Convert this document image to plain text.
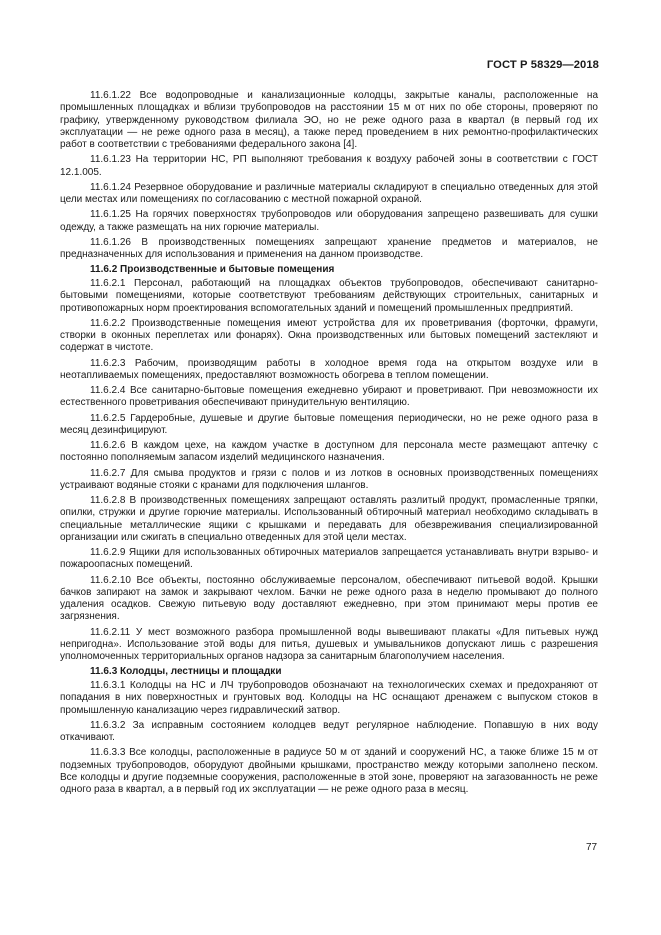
ГОСТ Р 58329—2018

11.6.1.22 Все водопроводные и канализационные колодцы, закрытые каналы, расположенные на промышленных площадках и вблизи трубопроводов на расстоянии 15 м от них по обе стороны, проверяют по графику, утвержденному руководством филиала ЭО, но не реже одного раза в квартал (в первый год их эксплуатации — не реже одного раза в месяц), а также перед проведением в них ремонтно-профилактических работ в соответствии с требованиями федерального закона [4].

11.6.1.23 На территории НС, РП выполняют требования к воздуху рабочей зоны в соответствии с ГОСТ 12.1.005.

11.6.1.24 Резервное оборудование и различные материалы складируют в специально отведенных для этой цели местах или помещениях по согласованию с местной пожарной охраной.

11.6.1.25 На горячих поверхностях трубопроводов или оборудования запрещено развешивать для сушки одежду, а также размещать на них горючие материалы.

11.6.1.26 В производственных помещениях запрещают хранение предметов и материалов, не предназначенных для использования и применения на данном производстве.

11.6.2 Производственные и бытовые помещения

11.6.2.1 Персонал, работающий на площадках объектов трубопроводов, обеспечивают санитарно-бытовыми помещениями, которые соответствуют требованиям действующих строительных, санитарных и противопожарных норм проектирования вспомогательных зданий и помещений промышленных предприятий.

11.6.2.2 Производственные помещения имеют устройства для их проветривания (форточки, фрамуги, створки в оконных переплетах или фонарях). Окна производственных или бытовых помещений застекляют и содержат в чистоте.

11.6.2.3 Рабочим, производящим работы в холодное время года на открытом воздухе или в неотапливаемых помещениях, предоставляют возможность обогрева в теплом помещении.

11.6.2.4 Все санитарно-бытовые помещения ежедневно убирают и проветривают. При невозможности их естественного проветривания обеспечивают принудительную вентиляцию.

11.6.2.5 Гардеробные, душевые и другие бытовые помещения периодически, но не реже одного раза в месяц дезинфицируют.

11.6.2.6 В каждом цехе, на каждом участке в доступном для персонала месте размещают аптечку с постоянно пополняемым запасом изделий медицинского назначения.

11.6.2.7 Для смыва продуктов и грязи с полов и из лотков в основных производственных помещениях устраивают водяные стояки с кранами для подключения шлангов.

11.6.2.8 В производственных помещениях запрещают оставлять разлитый продукт, промасленные тряпки, опилки, стружки и другие горючие материалы. Использованный обтирочный материал необходимо складывать в специальные металлические ящики с крышками и передавать для обезвреживания специализированной организации или сжигать в специально отведенных для этой цели местах.

11.6.2.9 Ящики для использованных обтирочных материалов запрещается устанавливать внутри взрыво- и пожароопасных помещений.

11.6.2.10 Все объекты, постоянно обслуживаемые персоналом, обеспечивают питьевой водой. Крышки бачков запирают на замок и закрывают чехлом. Бачки не реже одного раза в неделю промывают до полного удаления осадков. Свежую питьевую воду доставляют ежедневно, при этом принимают меры против ее загрязнения.

11.6.2.11 У мест возможного разбора промышленной воды вывешивают плакаты «Для питьевых нужд непригодна». Использование этой воды для питья, душевых и умывальников допускают лишь с разрешения уполномоченных территориальных органов надзора за санитарным благополучием населения.

11.6.3 Колодцы, лестницы и площадки

11.6.3.1 Колодцы на НС и ЛЧ трубопроводов обозначают на технологических схемах и предохраняют от попадания в них поверхностных и грунтовых вод. Колодцы на НС оснащают дренажем с выпуском стоков в промышленную канализацию через гидравлический затвор.

11.6.3.2 За исправным состоянием колодцев ведут регулярное наблюдение. Попавшую в них воду откачивают.

11.6.3.3 Все колодцы, расположенные в радиусе 50 м от зданий и сооружений НС, а также ближе 15 м от подземных трубопроводов, оборудуют двойными крышками, пространство между которыми заполнено песком. Все колодцы и другие подземные сооружения, расположенные в этой зоне, проверяют на загазованность не реже одного раза в квартал, а в первый год их эксплуатации — не реже одного раза в месяц.

77
